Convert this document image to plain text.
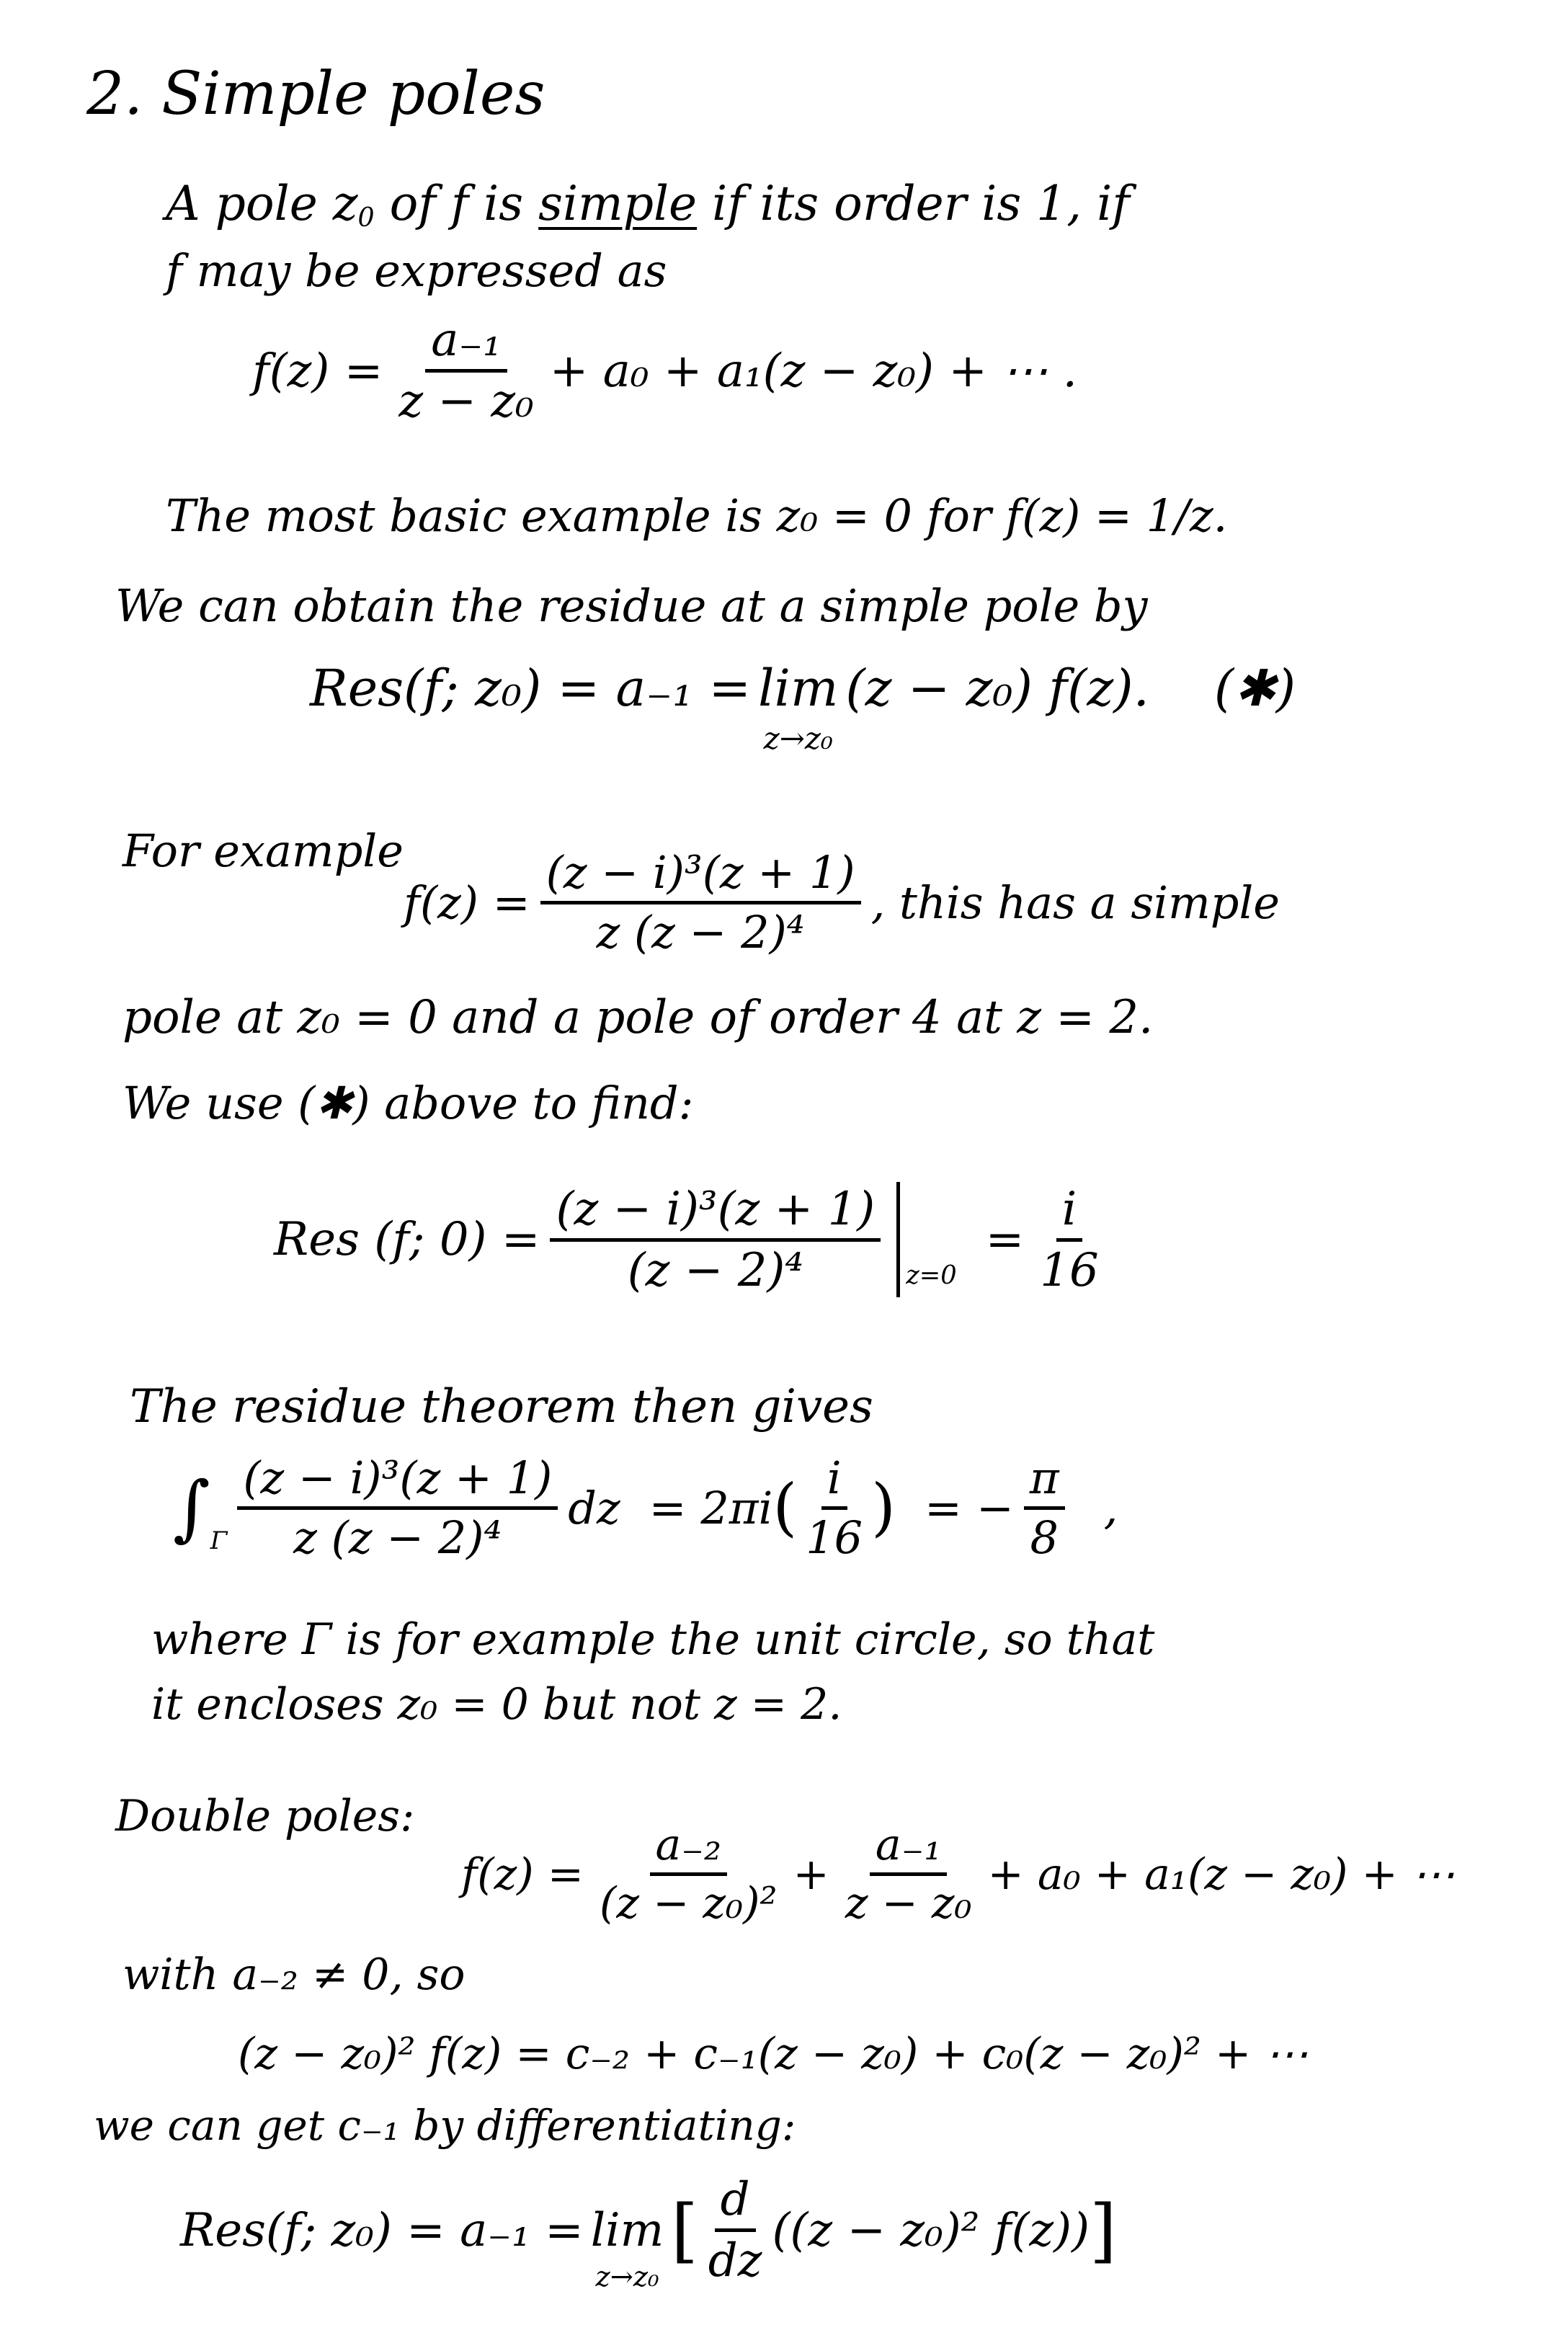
2. Simple poles
A pole $z_0$ of f is simple if its order is 1, if
f may be expressed as
$f(z) = \frac{\text{a₋₁}}{\text{z − z₀}} + a_0 + a_1(z - z_0)$ + ⋯ .
The most basic example is z₀ = 0 for f(z) = 1/z.
We can obtain the residue at a simple pole by
Res(f; z₀) = a₋₁ = lim
z→z₀
(z − z₀) f(z). (✱)
For example
$f(z) = \frac{\text{(z − i)³(z + 1)}}{\text{z (z − 2)⁴}}$ , this has a simple
pole at z₀ = 0 and a pole of order 4 at z = 2.
We use (✱) above to find:
Res (f; $0) = \frac{\text{(z − i)³(z + 1)}}{\text{(z − 2)⁴}} z=0$
= $\frac{i}{16}$
The residue theorem then gives
∫ Γ $\frac{\text{(z − i)³(z + 1)}}{\text{z (z − 2)⁴}}$ dz = 2πi ( $\frac{i}{16}$ ) = − $\frac{\pi}{8}$ ,
where Γ is for example the unit circle, so that
it encloses z₀ = 0 but not z = 2.
Double poles:
$f(z) = \frac{\text{a₋₂}}{\text{(z − z₀)²}} + \frac{\text{a₋₁}}{\text{z − z₀}} + a_0 + a_1(z - z_0)$ + ⋯
with a₋₂ ≠ 0, so
(z − z₀)² f(z) = c₋₂ + c₋₁(z − z₀) + c₀(z − z₀)² + ⋯
we can get c₋₁ by differentiating:
Res(f; z₀) = a₋₁ = lim
z→z₀
[ $\frac{d}{dz} ((z - z_0)^2$ f(z)) ]
